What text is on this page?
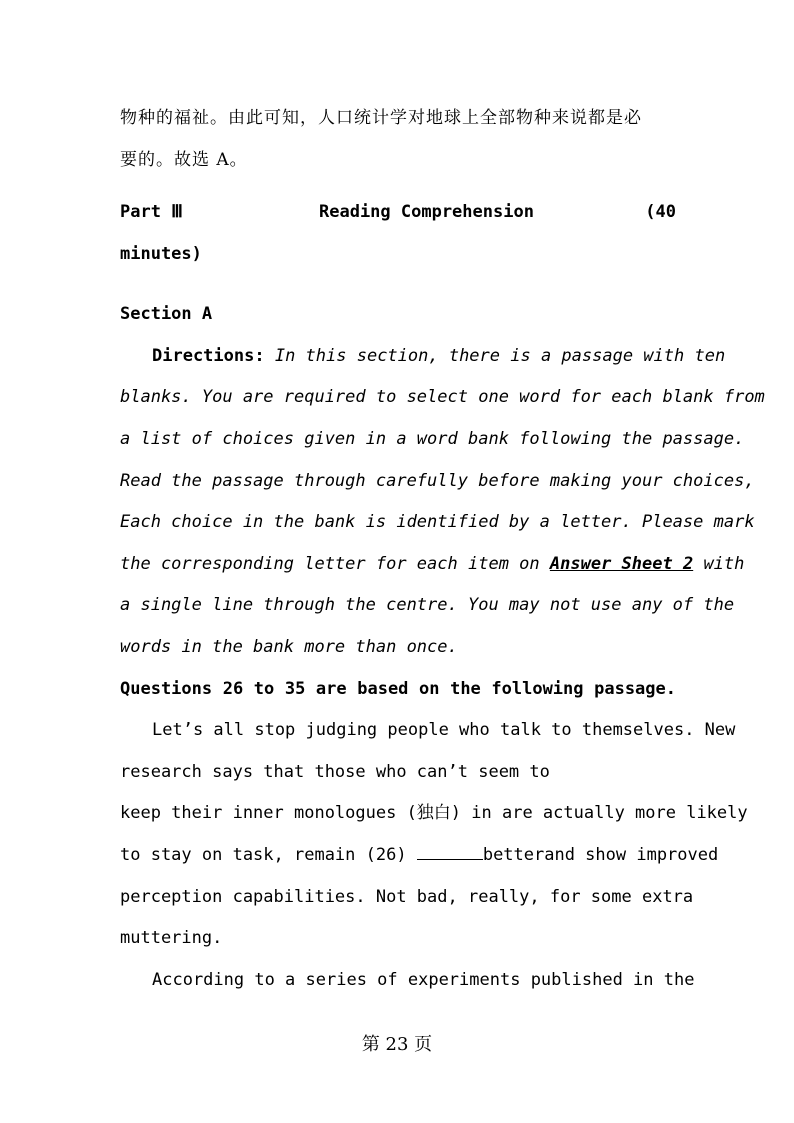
物种的福祉。由此可知，人口统计学对地球上全部物种来说都是必
要的。故选 A。
Part Ⅲ	Reading Comprehension	(40
minutes)
Section A
Directions: In this section, there is a passage with ten
blanks. You are required to select one word for each blank from
a list of choices given in a word bank following the passage.
Read the passage through carefully before making your choices,
Each choice in the bank is identified by a letter. Please mark
the corresponding letter for each item on Answer Sheet 2 with
a single line through the centre. You may not use any of the
words in the bank more than once.
Questions 26 to 35 are based on the following passage.
Let’s all stop judging people who talk to themselves. New
research says that those who can’t seem to
keep their inner monologues (独白) in are actually more likely
to stay on task, remain (26)	betterand show improved
perception capabilities. Not bad, really, for some extra
muttering.
According to a series of experiments published in the
第 23 页
